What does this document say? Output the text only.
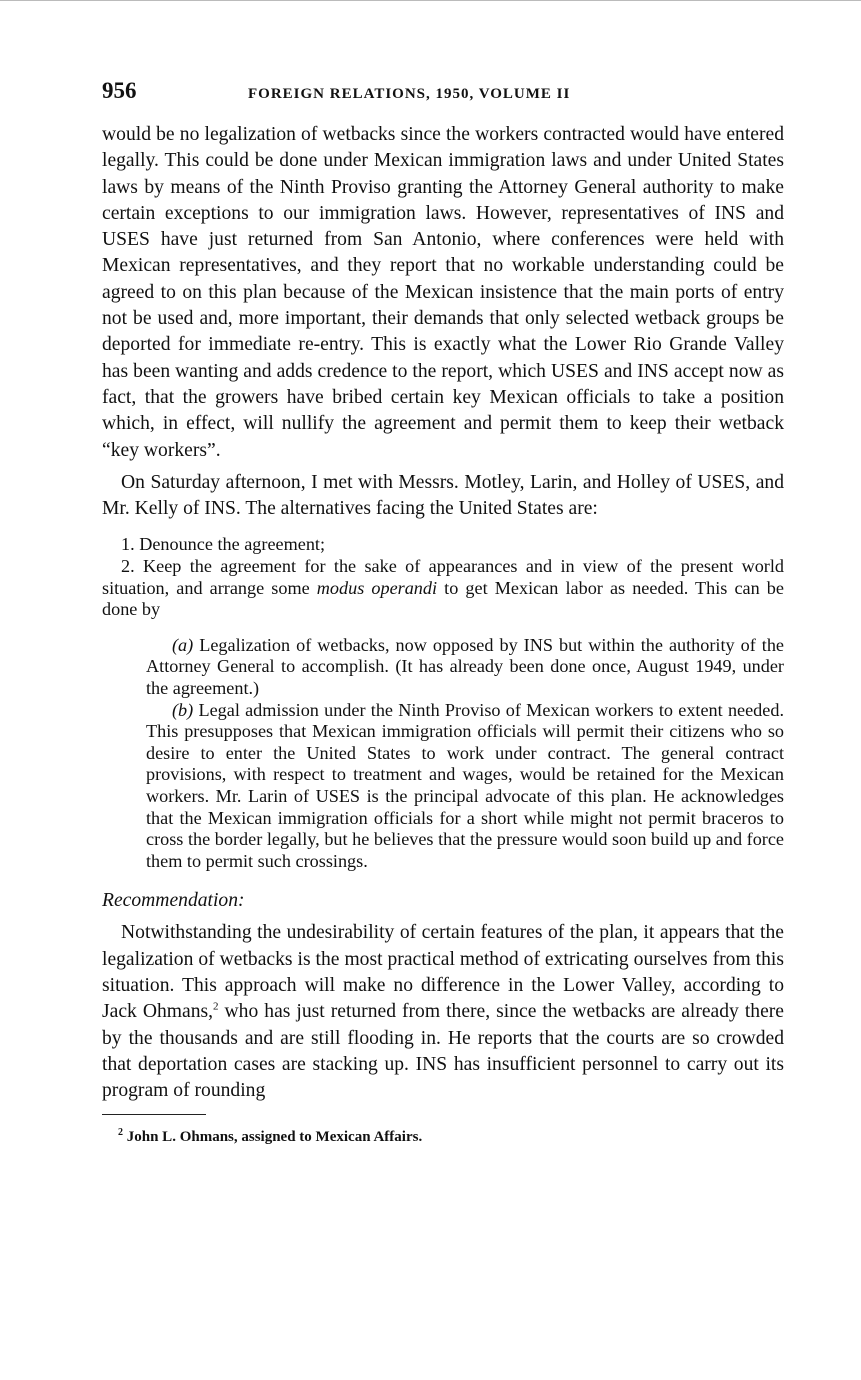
956	FOREIGN RELATIONS, 1950, VOLUME II

would be no legalization of wetbacks since the workers contracted would have entered legally. This could be done under Mexican immigration laws and under United States laws by means of the Ninth Proviso granting the Attorney General authority to make certain exceptions to our immigration laws. However, representatives of INS and USES have just returned from San Antonio, where conferences were held with Mexican representatives, and they report that no workable understanding could be agreed to on this plan because of the Mexican insistence that the main ports of entry not be used and, more important, their demands that only selected wetback groups be deported for immediate re-entry. This is exactly what the Lower Rio Grande Valley has been wanting and adds credence to the report, which USES and INS accept now as fact, that the growers have bribed certain key Mexican officials to take a position which, in effect, will nullify the agreement and permit them to keep their wetback “key workers”.

On Saturday afternoon, I met with Messrs. Motley, Larin, and Holley of USES, and Mr. Kelly of INS. The alternatives facing the United States are:

1. Denounce the agreement;

2. Keep the agreement for the sake of appearances and in view of the present world situation, and arrange some modus operandi to get Mexican labor as needed. This can be done by

(a) Legalization of wetbacks, now opposed by INS but within the authority of the Attorney General to accomplish. (It has already been done once, August 1949, under the agreement.)

(b) Legal admission under the Ninth Proviso of Mexican workers to extent needed. This presupposes that Mexican immigration officials will permit their citizens who so desire to enter the United States to work under contract. The general contract provisions, with respect to treatment and wages, would be retained for the Mexican workers. Mr. Larin of USES is the principal advocate of this plan. He acknowledges that the Mexican immigration officials for a short while might not permit braceros to cross the border legally, but he believes that the pressure would soon build up and force them to permit such crossings.

Recommendation:

Notwithstanding the undesirability of certain features of the plan, it appears that the legalization of wetbacks is the most practical method of extricating ourselves from this situation. This approach will make no difference in the Lower Valley, according to Jack Ohmans,$^2$ who has just returned from there, since the wetbacks are already there by the thousands and are still flooding in. He reports that the courts are so crowded that deportation cases are stacking up. INS has insufficient personnel to carry out its program of rounding

$^2$ John L. Ohmans, assigned to Mexican Affairs.
